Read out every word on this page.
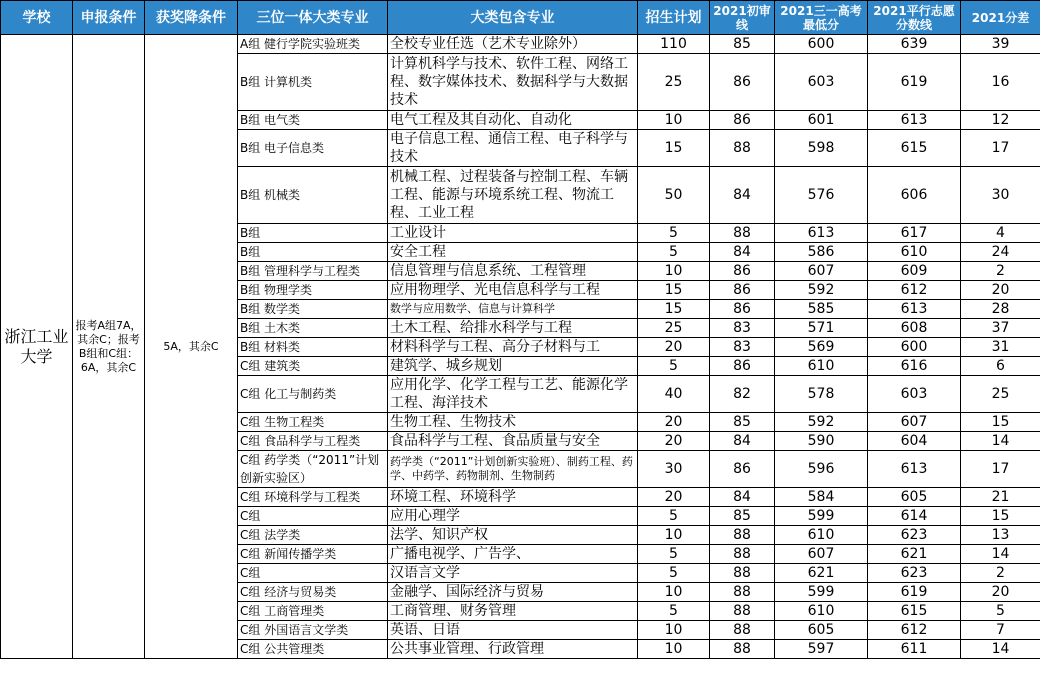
学校	申报条件	获奖降条件	三位一体大类专业	大类包含专业	招生计划	2021初审线	2021三一高考最低分	2021平行志愿分数线	2021分差
浙江工业大学	报考A组7A，其余C；报考B组和C组：6A，其余C	5A，其余C	A组 健行学院实验班类	全校专业任选（艺术专业除外）	110	85	600	639	39
			B组 计算机类	计算机科学与技术、软件工程、网络工程、数字媒体技术、数据科学与大数据技术	25	86	603	619	16
			B组 电气类	电气工程及其自动化、自动化	10	86	601	613	12
			B组 电子信息类	电子信息工程、通信工程、电子科学与技术	15	88	598	615	17
			B组 机械类	机械工程、过程装备与控制工程、车辆工程、能源与环境系统工程、物流工程、工业工程	50	84	576	606	30
			B组	工业设计	5	88	613	617	4
			B组	安全工程	5	84	586	610	24
			B组 管理科学与工程类	信息管理与信息系统、工程管理	10	86	607	609	2
			B组 物理学类	应用物理学、光电信息科学与工程	15	86	592	612	20
			B组 数学类	数学与应用数学、信息与计算科学	15	86	585	613	28
			B组 土木类	土木工程、给排水科学与工程	25	83	571	608	37
			B组 材料类	材料科学与工程、高分子材料与工	20	83	569	600	31
			C组 建筑类	建筑学、城乡规划	5	86	610	616	6
			C组 化工与制药类	应用化学、化学工程与工艺、能源化学工程、海洋技术	40	82	578	603	25
			C组 生物工程类	生物工程、生物技术	20	85	592	607	15
			C组 食品科学与工程类	食品科学与工程、食品质量与安全	20	84	590	604	14
			C组 药学类（“2011”计划创新实验区）	药学类（“2011”计划创新实验班）、制药工程、药学、中药学、药物制剂、生物制药	30	86	596	613	17
			C组 环境科学与工程类	环境工程、环境科学	20	84	584	605	21
			C组	应用心理学	5	85	599	614	15
			C组 法学类	法学、知识产权	10	88	610	623	13
			C组 新闻传播学类	广播电视学、广告学、	5	88	607	621	14
			C组	汉语言文学	5	88	621	623	2
			C组 经济与贸易类	金融学、国际经济与贸易	10	88	599	619	20
			C组 工商管理类	工商管理、财务管理	5	88	610	615	5
			C组 外国语言文学类	英语、日语	10	88	605	612	7
			C组 公共管理类	公共事业管理、行政管理	10	88	597	611	14
